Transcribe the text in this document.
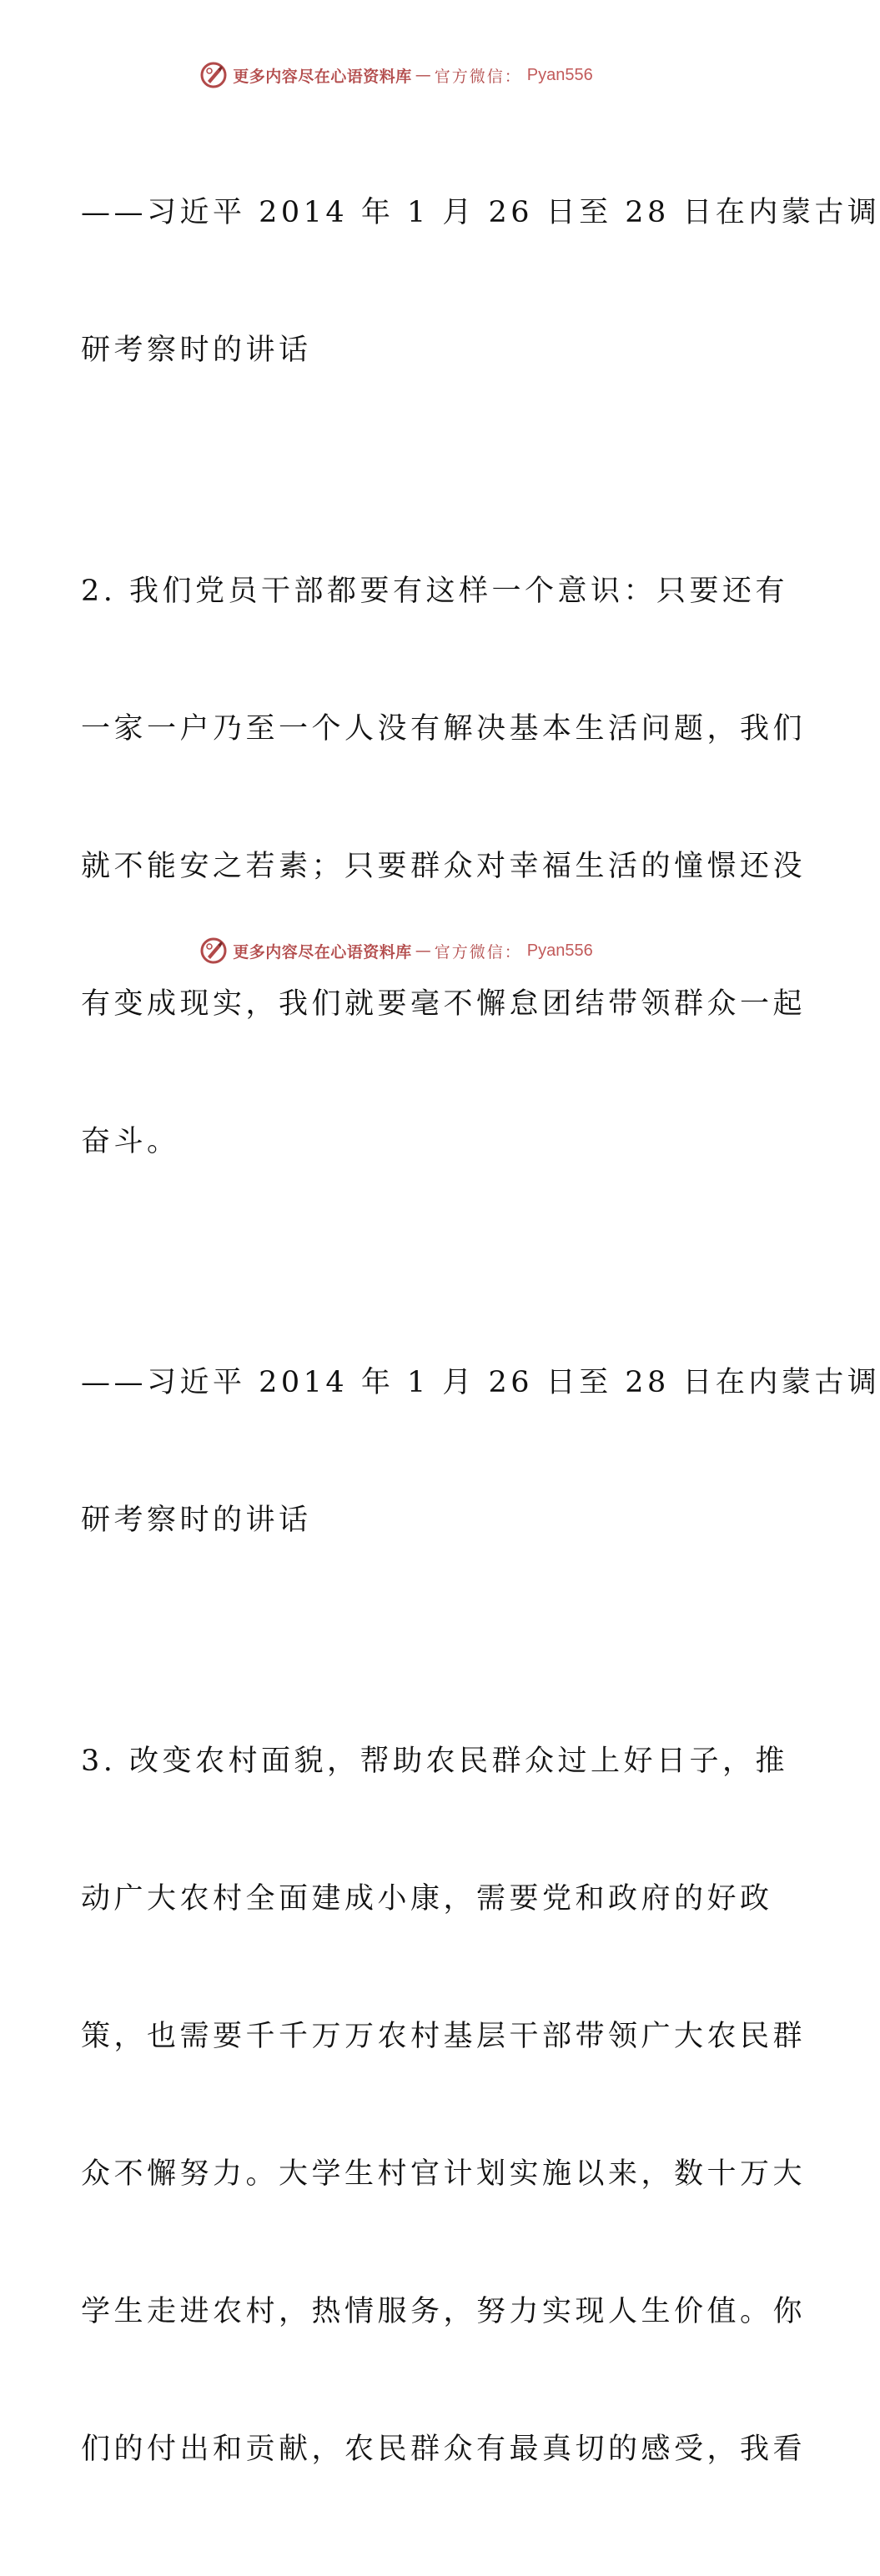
更多内容尽在心语资料库 — 官方微信： Pyan556

——习近平 2014 年 1 月 26 日至 28 日在内蒙古调

研考察时的讲话

2. 我们党员干部都要有这样一个意识：只要还有

一家一户乃至一个人没有解决基本生活问题，我们

就不能安之若素；只要群众对幸福生活的憧憬还没

有变成现实，我们就要毫不懈怠团结带领群众一起

奋斗。

——习近平 2014 年 1 月 26 日至 28 日在内蒙古调

研考察时的讲话

3. 改变农村面貌，帮助农民群众过上好日子，推

动广大农村全面建成小康，需要党和政府的好政

策，也需要千千万万农村基层干部带领广大农民群

众不懈努力。大学生村官计划实施以来，数十万大

学生走进农村，热情服务，努力实现人生价值。你

们的付出和贡献，农民群众有最真切的感受，我看

更多内容尽在心语资料库 — 官方微信： Pyan556
